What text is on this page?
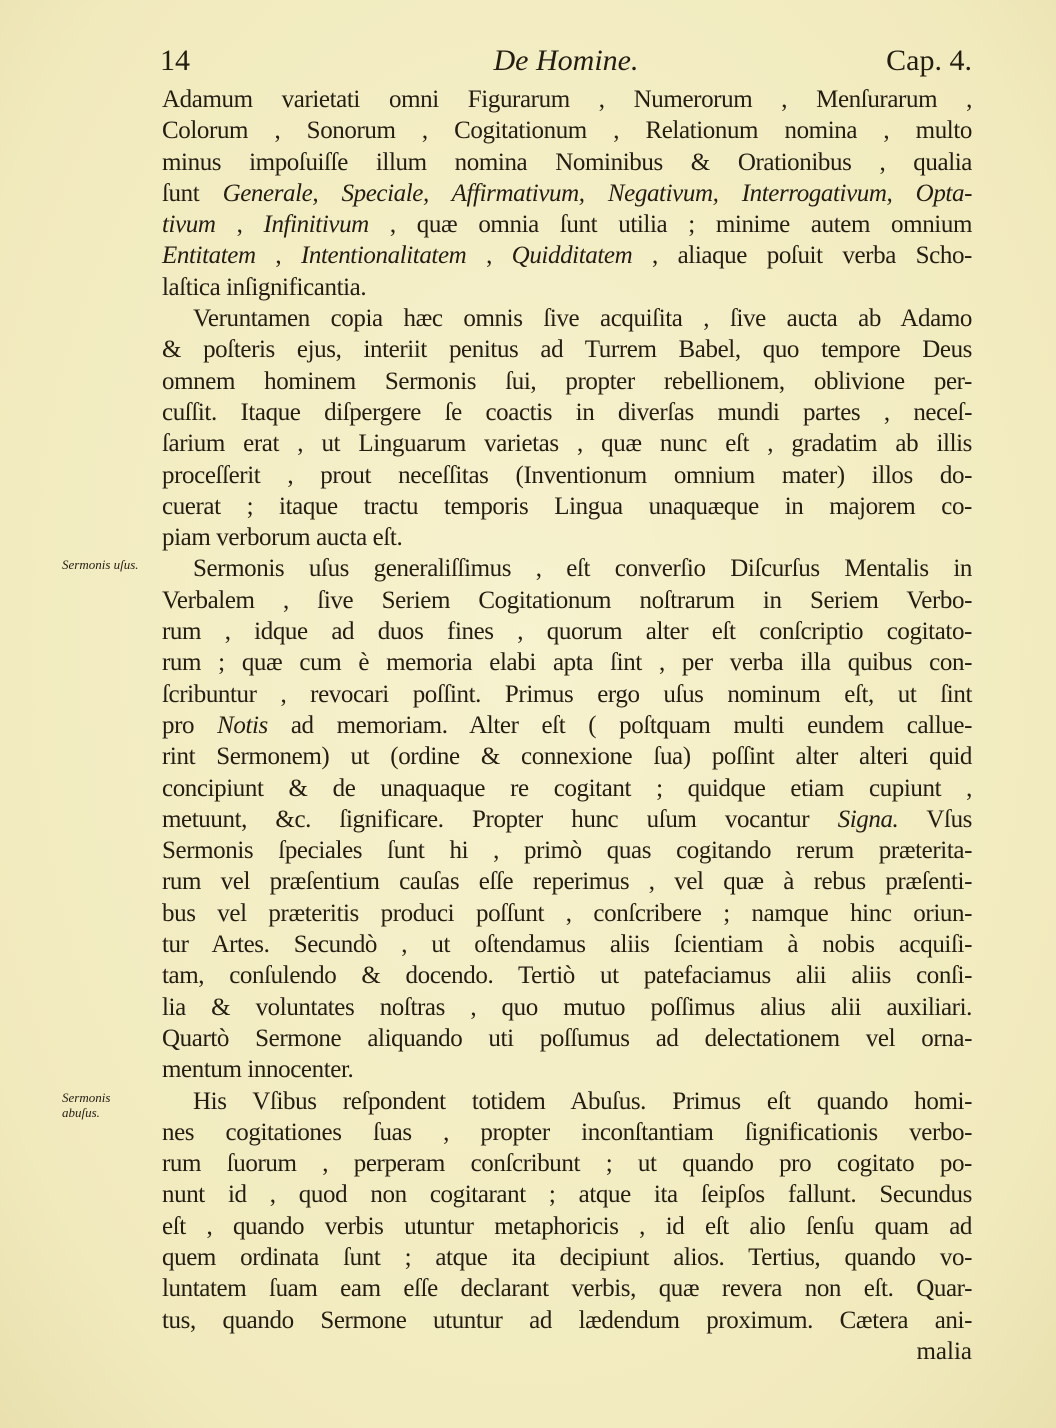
14	De Homine.	Cap. 4.
Adamum varietati omni Figurarum , Numerorum , Menſurarum ,
Colorum , Sonorum , Cogitationum , Relationum nomina , multo
minus impoſuiſſe illum nomina Nominibus & Orationibus , qualia
ſunt Generale, Speciale, Affirmativum, Negativum, Interrogativum, Opta-
tivum , Infinitivum , quæ omnia ſunt utilia ; minime autem omnium
Entitatem , Intentionalitatem , Quidditatem , aliaque poſuit verba Scho-
laſtica inſignificantia.
Veruntamen copia hæc omnis ſive acquiſita , ſive aucta ab Adamo
& poſteris ejus, interiit penitus ad Turrem Babel, quo tempore Deus
omnem hominem Sermonis ſui, propter rebellionem, oblivione per-
cuſſit. Itaque diſpergere ſe coactis in diverſas mundi partes , neceſ-
ſarium erat , ut Linguarum varietas , quæ nunc eſt , gradatim ab illis
proceſſerit , prout neceſſitas (Inventionum omnium mater) illos do-
cuerat ; itaque tractu temporis Lingua unaquæque in majorem co-
piam verborum aucta eſt.
Sermonis uſus.	Sermonis uſus generaliſſimus , eſt converſio Diſcurſus Mentalis in
Verbalem , ſive Seriem Cogitationum noſtrarum in Seriem Verbo-
rum , idque ad duos fines , quorum alter eſt conſcriptio cogitato-
rum ; quæ cum è memoria elabi apta ſint , per verba illa quibus con-
ſcribuntur , revocari poſſint. Primus ergo uſus nominum eſt, ut ſint
pro Notis ad memoriam. Alter eſt ( poſtquam multi eundem callue-
rint Sermonem) ut (ordine & connexione ſua) poſſint alter alteri quid
concipiunt & de unaquaque re cogitant ; quidque etiam cupiunt ,
metuunt, &c. ſignificare. Propter hunc uſum vocantur Signa. Vſus
Sermonis ſpeciales ſunt hi , primò quas cogitando rerum præterita-
rum vel præſentium cauſas eſſe reperimus , vel quæ à rebus præſenti-
bus vel præteritis produci poſſunt , conſcribere ; namque hinc oriun-
tur Artes. Secundò , ut oſtendamus aliis ſcientiam à nobis acquiſi-
tam, conſulendo & docendo. Tertiò ut patefaciamus alii aliis conſi-
lia & voluntates noſtras , quo mutuo poſſimus alius alii auxiliari.
Quartò Sermone aliquando uti poſſumus ad delectationem vel orna-
mentum innocenter.
Sermonis abuſus.	His Vſibus reſpondent totidem Abuſus. Primus eſt quando homi-
nes cogitationes ſuas , propter inconſtantiam ſignificationis verbo-
rum ſuorum , perperam conſcribunt ; ut quando pro cogitato po-
nunt id , quod non cogitarant ; atque ita ſeipſos fallunt. Secundus
eſt , quando verbis utuntur metaphoricis , id eſt alio ſenſu quam ad
quem ordinata ſunt ; atque ita decipiunt alios. Tertius, quando vo-
luntatem ſuam eam eſſe declarant verbis, quæ revera non eſt. Quar-
tus, quando Sermone utuntur ad lædendum proximum. Cætera ani-
malia
